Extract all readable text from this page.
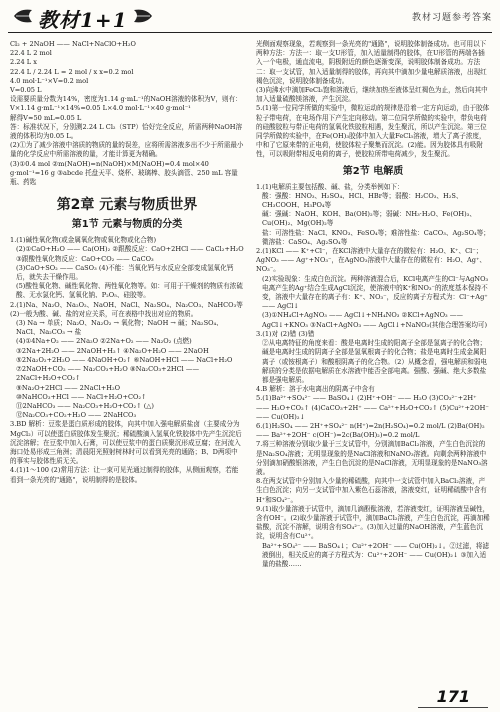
教材1+1	教材习题参考答案

Cl₂ + 2NaOH —— NaCl+NaClO+H₂O

22.4 L 2 mol

2.24 L x

22.4 L / 2.24 L = 2 mol / x x=0.2 mol

4.0 mol·L⁻¹×V=0.2 mol

V=0.05 L

设需要质量分数为14%，密度为1.14 g·mL⁻¹的NaOH溶液的体积为V，则有：

V×1.14 g·mL⁻¹×14%=0.05 L×4.0 mol·L⁻¹×40 g·mol⁻¹

解得V≈50 mL=0.05 L

答：标准状况下，分别测2.24 L Cl₂（STP）恰好完全反应，所需两种NaOH溶液的体积均为0.05 L。

(2)①为了减少溶液中溶质的物质的量的误差，应将所需溶液多出不少于所需最小量的化学反应中所需溶液的量，才能计算更为精确。

(3)①0.4 mol ②m(NaOH)=n(NaOH)×M(NaOH)=0.4 mol×40 g·mol⁻¹=16 g ③abcde 托盘天平、烧杯、玻璃棒、胶头滴管、250 mL 容量瓶、药匙

第2章 元素与物质世界
第1节 元素与物质的分类

1.(1)碱性氧化物(或金属氧化物或氧化物或化合物)

(2)①CaO+H₂O —— Ca(OH)₂ ②跟酸反应：CaO+2HCl —— CaCl₂+H₂O ③跟酸性氧化物反应：CaO+CO₂ —— CaCO₃

(3)CaO+SO₂ —— CaSO₃ (4)不能：当氧化钙与水反应全部变成氢氧化钙后，就失去干燥作用。

(5)酸性氧化物、碱性氧化物、两性氧化物等。如：可用于干燥剂的物质有浓硫酸、无水氯化钙、氢氧化钠、P₂O₅、硅胶等。

2.(1)Na、Na₂O、Na₂O₂、NaOH、NaCl、Na₂SO₄、Na₂CO₃、NaHCO₃等 (2)一般为酸、碱、盐的对应关系，可在表格中找出对应的物质。

(3) Na → 单质；Na₂O、Na₂O₂ → 氧化物；NaOH → 碱；Na₂SO₄、NaCl、Na₂CO₃ → 盐

(4)①4Na+O₂ —— 2Na₂O ②2Na+O₂ —— Na₂O₂ (点燃)

③2Na+2H₂O —— 2NaOH+H₂↑ ④Na₂O+H₂O —— 2NaOH

⑤2Na₂O₂+2H₂O —— 4NaOH+O₂↑ ⑥NaOH+HCl —— NaCl+H₂O

⑦2NaOH+CO₂ —— Na₂CO₃+H₂O ⑧Na₂CO₃+2HCl —— 2NaCl+H₂O+CO₂↑

⑨Na₂O+2HCl —— 2NaCl+H₂O

⑩NaHCO₃+HCl —— NaCl+H₂O+CO₂↑

⑪2NaHCO₃ —— Na₂CO₃+H₂O+CO₂↑ (△)

⑫Na₂CO₃+CO₂+H₂O —— 2NaHCO₃

3.BD 解析：豆浆是蛋白质形成的胶体，向其中加入强电解质盐卤（主要成分为MgCl₂）可以使蛋白质胶体发生聚沉；稀硫酸滴入氢氧化铁胶体中先产生沉淀后沉淀溶解；在豆浆中加入石膏，可以使豆浆中的蛋白质聚沉形成豆腐；在河流入海口处易形成三角洲；清晨阳光照射树林时可以看到光亮的通路；B、D两项中的事实与胶体性质无关。

4.(1)1～100 (2)常用方法：让一束可见光通过制得的胶体，从侧面观察，若能看到一条光亮的"通路"，说明制得的是胶体。

光侧面观察现象，若观察到一条光亮的"通路"，说明胶体制备成功。也可用以下两种方法：方法一：取一支U形管，加入适量制得的胶体，在U形管的两端各插入一个电极，通直流电，阴极附近的颜色逐渐变深，说明胶体制备成功。方法二：取一支试管，加入适量制得的胶体，再向其中滴加少量电解质溶液，出现红褐色沉淀，说明胶体制备成功。

(3)向沸水中滴加FeCl₃饱和溶液后，继续加热至液体呈红褐色为止，然后向其中加入适量硫酸镁溶液，产生沉淀。

5.(1)第一位同学所做的实验中，微粒运动的规律是沿着一定方向运动，由于胶体粒子带电荷，在电场作用下产生定向移动。第二位同学所做的实验中，带负电荷的硅酸胶粒与带正电荷的氢氧化铁胶粒相遇，发生聚沉，所以产生沉淀。第三位同学所做的实验中，在Fe(OH)₃胶体中加入大量FeCl₃溶液，增大了离子浓度，中和了它原来带的正电荷，使胶体粒子聚集而沉淀。(2)能。因为胶体具有吸附性，可以吸附带相反电荷的离子，使胶粒所带电荷减少，发生聚沉。

第2节 电解质

1.(1)电解质主要包括酸、碱、盐，分类举例如下：

酸：强酸：HNO₃、H₂SO₄、HCl、HBr等；弱酸：H₂CO₃、H₂S、CH₃COOH、H₃PO₄等

碱：强碱：NaOH、KOH、Ba(OH)₂等；弱碱：NH₃·H₂O、Fe(OH)₃、Cu(OH)₂、Mg(OH)₂等

盐：可溶性盐：NaCl、KNO₃、FeSO₄等；难溶性盐：CaCO₃、Ag₂SO₄等；微溶盐：CaSO₄、Ag₂SO₄等

2.(1)KCl —— K⁺+Cl⁻，在KCl溶液中大量存在的微粒有：H₂O、K⁺、Cl⁻；AgNO₃ —— Ag⁺+NO₃⁻，在AgNO₃溶液中大量存在的微粒有：H₂O、Ag⁺、NO₃⁻。

(2)实验现象：生成白色沉淀。两种溶液混合后，KCl电离产生的Cl⁻与AgNO₃电离产生的Ag⁺结合生成AgCl沉淀，使溶液中的K⁺和NO₃⁻的浓度基本保持不变，溶液中大量存在的离子有：K⁺、NO₃⁻，反应的离子方程式为：Cl⁻+Ag⁺ —— AgCl↓

(3)①NH₄Cl+AgNO₃ —— AgCl↓+NH₄NO₃ ②KCl+AgNO₃ —— AgCl↓+KNO₃ ③NaCl+AgNO₃ —— AgCl↓+NaNO₃(其他合理答案均可)

3.(1)对 (2)错 (3)错

②从电离特征的角度来看：酸是电离时生成的阳离子全部是氢离子的化合物；碱是电离时生成的阴离子全部是氢氧根离子的化合物；盐是电离时生成金属阳离子（或铵根离子）和酸根阴离子的化合物。（2）从概念看，强电解质和弱电解质的分类是依据电解质在水溶液中能否全部电离。强酸、强碱、绝大多数盐都是强电解质。

4.B 解析：溶于水电离出的阴离子中含有

5.(1)Ba²⁺+SO₄²⁻ —— BaSO₄↓ (2)H⁺+OH⁻ —— H₂O (3)CO₃²⁻+2H⁺ —— H₂O+CO₂↑ (4)CaCO₃+2H⁺ —— Ca²⁺+H₂O+CO₂↑ (5)Cu²⁺+2OH⁻ —— Cu(OH)₂↓

6.(1)H₂SO₄ —— 2H⁺+SO₄²⁻ n(H⁺)=2n(H₂SO₄)=0.2 mol/L (2)Ba(OH)₂ —— Ba²⁺+2OH⁻ c(OH⁻)=2c(Ba(OH)₂)=0.2 mol/L

7.将三种溶液分别取少量于三支试管中，分别滴加BaCl₂溶液，产生白色沉淀的是Na₂SO₄溶液；无明显现象的是NaCl溶液和NaNO₃溶液。向剩余两种溶液中分别滴加硝酸银溶液，产生白色沉淀的是NaCl溶液，无明显现象的是NaNO₃溶液。

8.在两支试管中分别加入少量的稀硫酸，向其中一支试管中加入BaCl₂溶液，产生白色沉淀；向另一支试管中加入紫色石蕊溶液，溶液变红，证明稀硫酸中含有H⁺和SO₄²⁻。

9.(1)取少量溶液于试管中，滴加几滴酚酞溶液，若溶液变红，证明溶液呈碱性，含有OH⁻。(2)取少量溶液于试管中，滴加BaCl₂溶液，产生白色沉淀，再滴加稀盐酸，沉淀不溶解，说明含有SO₄²⁻。(3)加入过量的NaOH溶液，产生蓝色沉淀，说明含有Cu²⁺。

Ba²⁺+SO₄²⁻ —— BaSO₄↓；Cu²⁺+2OH⁻ —— Cu(OH)₂↓。②过滤，将滤液倒出，相关反应的离子方程式为：Cu²⁺+2OH⁻ —— Cu(OH)₂↓ ③加入适量的盐酸……

171
